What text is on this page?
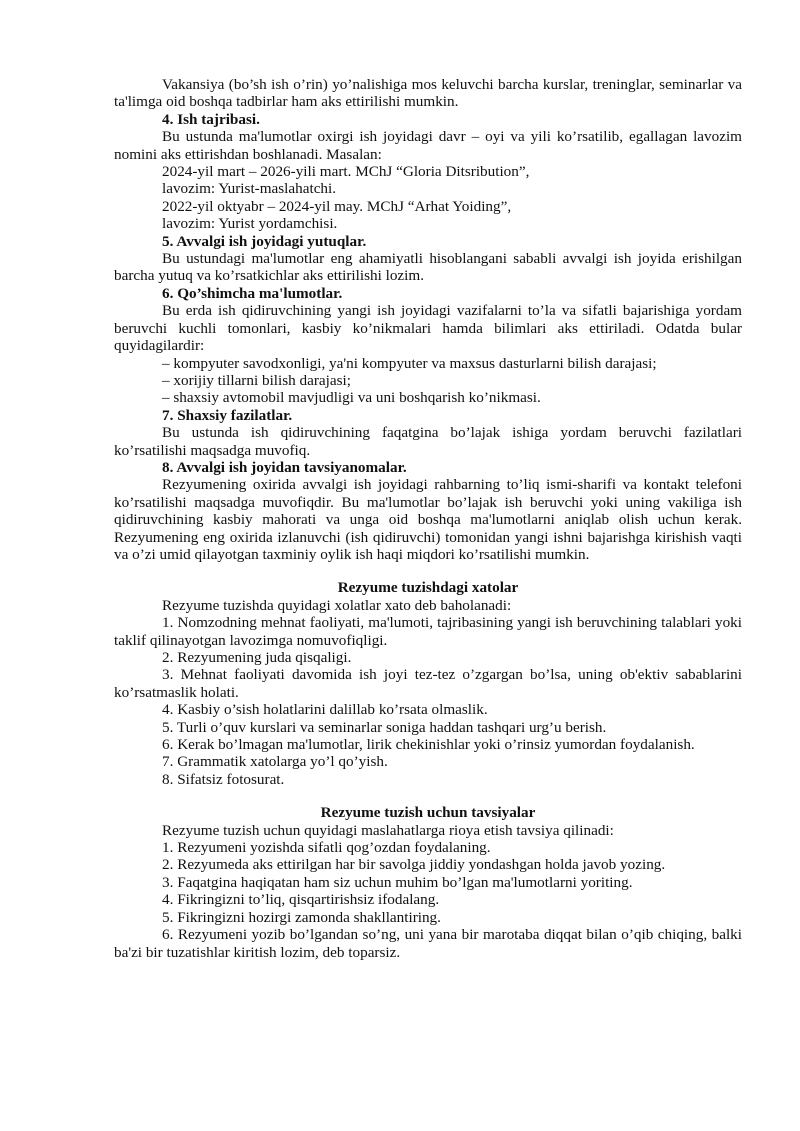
Vakansiya (bo’sh ish o’rin) yo’nalishiga mos keluvchi barcha kurslar, treninglar, seminarlar va ta'limga oid boshqa tadbirlar ham aks ettirilishi mumkin.

4. Ish tajribasi.

Bu ustunda ma'lumotlar oxirgi ish joyidagi davr – oyi va yili ko’rsatilib, egallagan lavozim nomini aks ettirishdan boshlanadi. Masalan:

2024-yil mart – 2026-yili mart. MChJ “Gloria Ditsribution”,

lavozim: Yurist-maslahatchi.

2022-yil oktyabr – 2024-yil may. MChJ “Arhat Yoiding”,

lavozim: Yurist yordamchisi.

5. Avvalgi ish joyidagi yutuqlar.

Bu ustundagi ma'lumotlar eng ahamiyatli hisoblangani sababli avvalgi ish joyida erishilgan barcha yutuq va ko’rsatkichlar aks ettirilishi lozim.

6. Qo’shimcha ma'lumotlar.

Bu erda ish qidiruvchining yangi ish joyidagi vazifalarni to’la va sifatli bajarishiga yordam beruvchi kuchli tomonlari, kasbiy ko’nikmalari hamda bilimlari aks ettiriladi. Odatda bular quyidagilardir:

– kompyuter savodxonligi, ya'ni kompyuter va maxsus dasturlarni bilish darajasi;

– xorijiy tillarni bilish darajasi;

– shaxsiy avtomobil mavjudligi va uni boshqarish ko’nikmasi.

7. Shaxsiy fazilatlar.

Bu ustunda ish qidiruvchining faqatgina bo’lajak ishiga yordam beruvchi fazilatlari ko’rsatilishi maqsadga muvofiq.

8. Avvalgi ish joyidan tavsiyanomalar.

Rezyumening oxirida avvalgi ish joyidagi rahbarning to’liq ismi-sharifi va kontakt telefoni ko’rsatilishi maqsadga muvofiqdir. Bu ma'lumotlar bo’lajak ish beruvchi yoki uning vakiliga ish qidiruvchining kasbiy mahorati va unga oid boshqa ma'lumotlarni aniqlab olish uchun kerak. Rezyumening eng oxirida izlanuvchi (ish qidiruvchi) tomonidan yangi ishni bajarishga kirishish vaqti va o’zi umid qilayotgan taxminiy oylik ish haqi miqdori ko’rsatilishi mumkin.

Rezyume tuzishdagi xatolar

Rezyume tuzishda quyidagi xolatlar xato deb baholanadi:

1. Nomzodning mehnat faoliyati, ma'lumoti, tajribasining yangi ish beruvchining talablari yoki taklif qilinayotgan lavozimga nomuvofiqligi.

2. Rezyumening juda qisqaligi.

3. Mehnat faoliyati davomida ish joyi tez-tez o’zgargan bo’lsa, uning ob'ektiv sabablarini ko’rsatmaslik holati.

4. Kasbiy o’sish holatlarini dalillab ko’rsata olmaslik.

5. Turli o’quv kurslari va seminarlar soniga haddan tashqari urg’u berish.

6. Kerak bo’lmagan ma'lumotlar, lirik chekinishlar yoki o’rinsiz yumordan foydalanish.

7. Grammatik xatolarga yo’l qo’yish.

8. Sifatsiz fotosurat.

Rezyume tuzish uchun tavsiyalar

Rezyume tuzish uchun quyidagi maslahatlarga rioya etish tavsiya qilinadi:

1. Rezyumeni yozishda sifatli qog’ozdan foydalaning.

2. Rezyumeda aks ettirilgan har bir savolga jiddiy yondashgan holda javob yozing.

3. Faqatgina haqiqatan ham siz uchun muhim bo’lgan ma'lumotlarni yoriting.

4. Fikringizni to’liq, qisqartirishsiz ifodalang.

5. Fikringizni hozirgi zamonda shakllantiring.

6. Rezyumeni yozib bo’lgandan so’ng, uni yana bir marotaba diqqat bilan o’qib chiqing, balki ba'zi bir tuzatishlar kiritish lozim, deb toparsiz.
